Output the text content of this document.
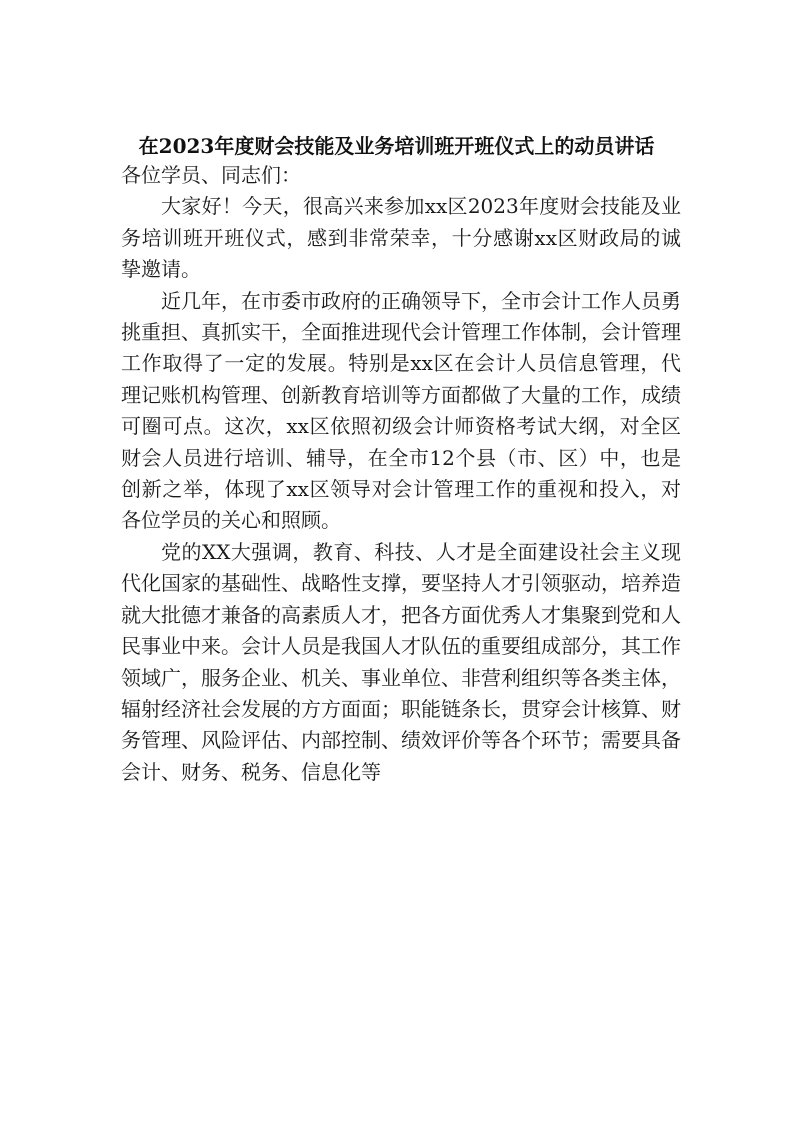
在2023年度财会技能及业务培训班开班仪式上的动员讲话

各位学员、同志们：

大家好！今天，很高兴来参加xx区2023年度财会技能及业务培训班开班仪式，感到非常荣幸，十分感谢xx区财政局的诚挚邀请。

近几年，在市委市政府的正确领导下，全市会计工作人员勇挑重担、真抓实干，全面推进现代会计管理工作体制，会计管理工作取得了一定的发展。特别是xx区在会计人员信息管理，代理记账机构管理、创新教育培训等方面都做了大量的工作，成绩可圈可点。这次，xx区依照初级会计师资格考试大纲，对全区财会人员进行培训、辅导，在全市12个县（市、区）中，也是创新之举，体现了xx区领导对会计管理工作的重视和投入，对各位学员的关心和照顾。

党的XX大强调，教育、科技、人才是全面建设社会主义现代化国家的基础性、战略性支撑，要坚持人才引领驱动，培养造就大批德才兼备的高素质人才，把各方面优秀人才集聚到党和人民事业中来。会计人员是我国人才队伍的重要组成部分，其工作领域广，服务企业、机关、事业单位、非营利组织等各类主体，辐射经济社会发展的方方面面；职能链条长，贯穿会计核算、财务管理、风险评估、内部控制、绩效评价等各个环节；需要具备会计、财务、税务、信息化等
